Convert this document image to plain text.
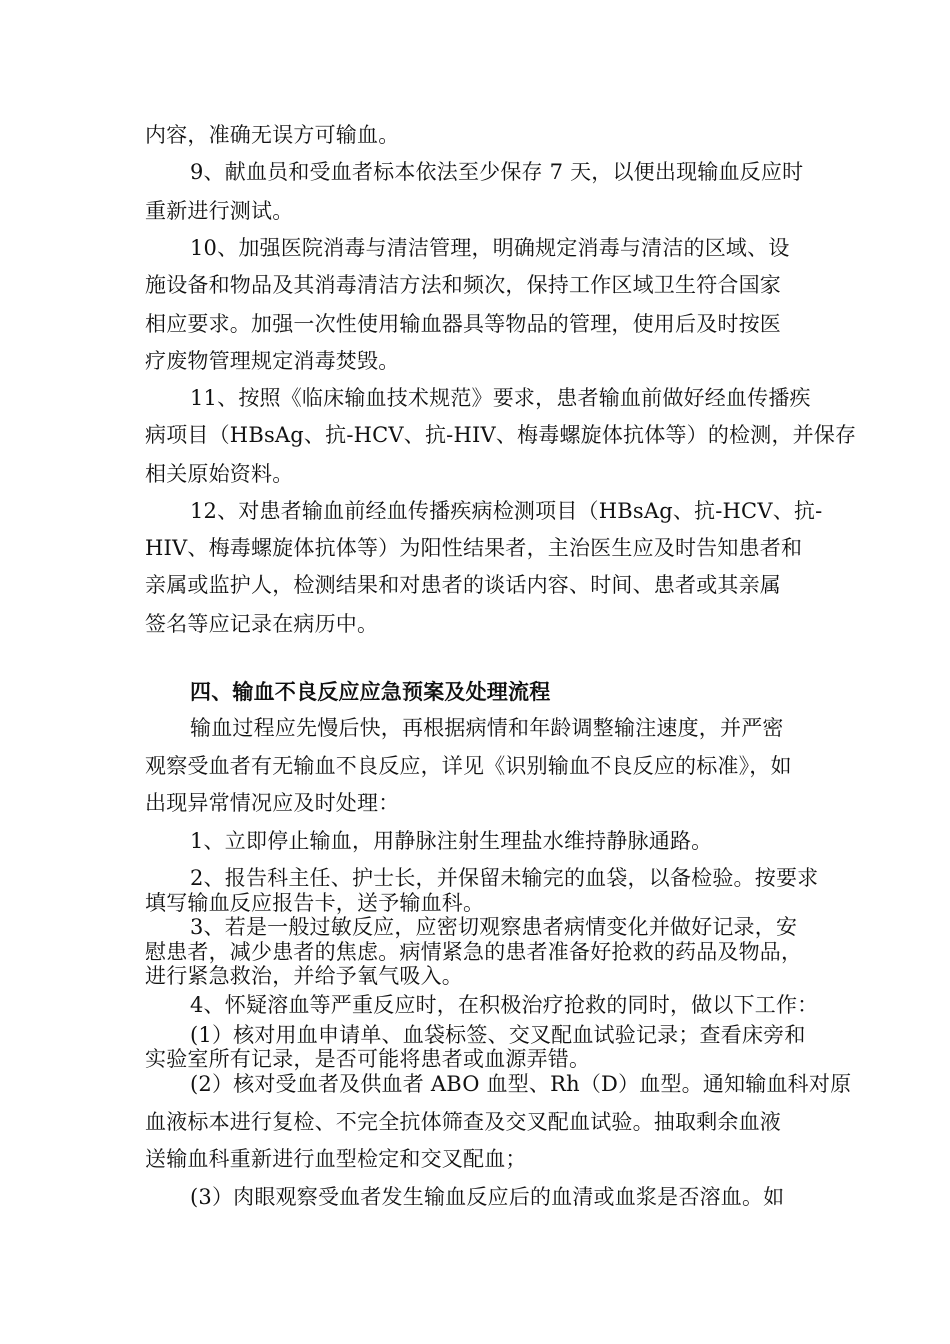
内容，准确无误方可输血。
9、献血员和受血者标本依法至少保存 7 天，以便出现输血反应时
重新进行测试。
10、加强医院消毒与清洁管理，明确规定消毒与清洁的区域、设
施设备和物品及其消毒清洁方法和频次，保持工作区域卫生符合国家
相应要求。加强一次性使用输血器具等物品的管理，使用后及时按医
疗废物管理规定消毒焚毁。
11、按照《临床输血技术规范》要求，患者输血前做好经血传播疾
病项目（HBsAg、抗-HCV、抗-HIV、梅毒螺旋体抗体等）的检测，并保存
相关原始资料。
12、对患者输血前经血传播疾病检测项目（HBsAg、抗-HCV、抗-
HIV、梅毒螺旋体抗体等）为阳性结果者，主治医生应及时告知患者和
亲属或监护人，检测结果和对患者的谈话内容、时间、患者或其亲属
签名等应记录在病历中。
四、输血不良反应应急预案及处理流程
输血过程应先慢后快，再根据病情和年龄调整输注速度，并严密
观察受血者有无输血不良反应，详见《识别输血不良反应的标准》，如
出现异常情况应及时处理：
1、立即停止输血，用静脉注射生理盐水维持静脉通路。
2、报告科主任、护士长，并保留未输完的血袋，以备检验。按要求
填写输血反应报告卡，送予输血科。
3、若是一般过敏反应，应密切观察患者病情变化并做好记录，安
慰患者，减少患者的焦虑。病情紧急的患者准备好抢救的药品及物品，
进行紧急救治，并给予氧气吸入。
4、怀疑溶血等严重反应时，在积极治疗抢救的同时，做以下工作：
(1）核对用血申请单、血袋标签、交叉配血试验记录；查看床旁和
实验室所有记录，是否可能将患者或血源弄错。
(2）核对受血者及供血者 ABO 血型、Rh（D）血型。通知输血科对原
血液标本进行复检、不完全抗体筛查及交叉配血试验。抽取剩余血液
送输血科重新进行血型检定和交叉配血；
(3）肉眼观察受血者发生输血反应后的血清或血浆是否溶血。如
